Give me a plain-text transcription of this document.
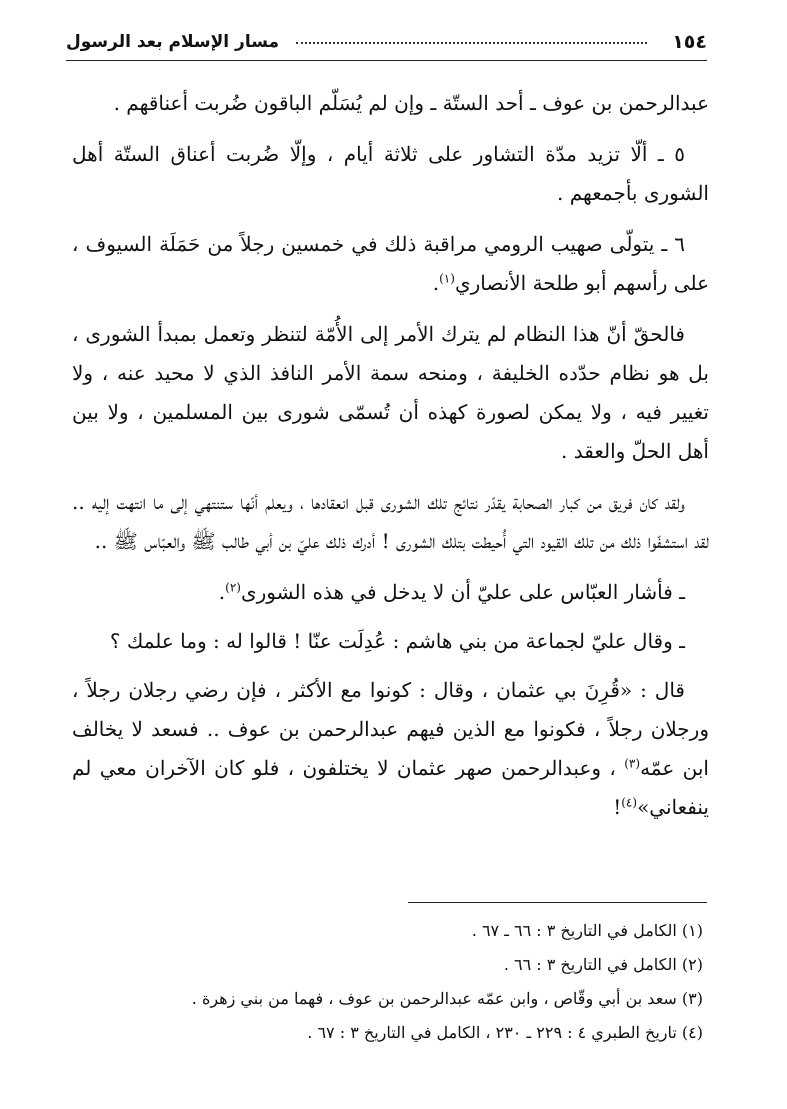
١٥٤
مسار الإسلام بعد الرسول

عبدالرحمن بن عوف ـ أحد الستّة ـ وإن لم يُسَلّم الباقون ضُربت أعناقهم .

٥ ـ ألّا تزيد مدّة التشاور على ثلاثة أيام ، وإلّا ضُربت أعناق الستّة أهل الشورى بأجمعهم .

٦ ـ يتولّى صهيب الرومي مراقبة ذلك في خمسين رجلاً من حَمَلَة السيوف ، على رأسهم أبو طلحة الأنصاري$^{(١)}$.

فالحقّ أنّ هذا النظام لم يترك الأمر إلى الأُمّة لتنظر وتعمل بمبدأ الشورى ، بل هو نظام حدّده الخليفة ، ومنحه سمة الأمر النافذ الذي لا محيد عنه ، ولا تغيير فيه ، ولا يمكن لصورة كهذه أن تُسمّى شورى بين المسلمين ، ولا بين أهل الحلّ والعقد .

ولقد كان فريق من كبار الصحابة يقدّر نتائج تلك الشورى قبل انعقادها ، ويعلم أنّها ستنتهي إلى ما انتهت إليه .. لقد استشفّوا ذلك من تلك القيود التي أُحيطت بتلك الشورى ! أدرك ذلك عليّ بن أبي طالب ﷺ والعبّاس ﷺ ..

ـ فأشار العبّاس على عليّ أن لا يدخل في هذه الشورى$^{(٢)}$.

ـ وقال عليّ لجماعة من بني هاشم : عُدِلَت عنّا ! قالوا له : وما علمك ؟

قال : «قُرِنَ بي عثمان ، وقال : كونوا مع الأكثر ، فإن رضي رجلان رجلاً ، ورجلان رجلاً ، فكونوا مع الذين فيهم عبدالرحمن بن عوف .. فسعد لا يخالف ابن عمّه$^{(٣)}$ ، وعبدالرحمن صهر عثمان لا يختلفون ، فلو كان الآخران معي لم ينفعاني»$^{(٤)}$!

(١) الكامل في التاريخ ٣ : ٦٦ ـ ٦٧ .

(٢) الكامل في التاريخ ٣ : ٦٦ .

(٣) سعد بن أبي وقّاص ، وابن عمّه عبدالرحمن بن عوف ، فهما من بني زهرة .

(٤) تاريخ الطبري ٤ : ٢٢٩ ـ ٢٣٠ ، الكامل في التاريخ ٣ : ٦٧ .
